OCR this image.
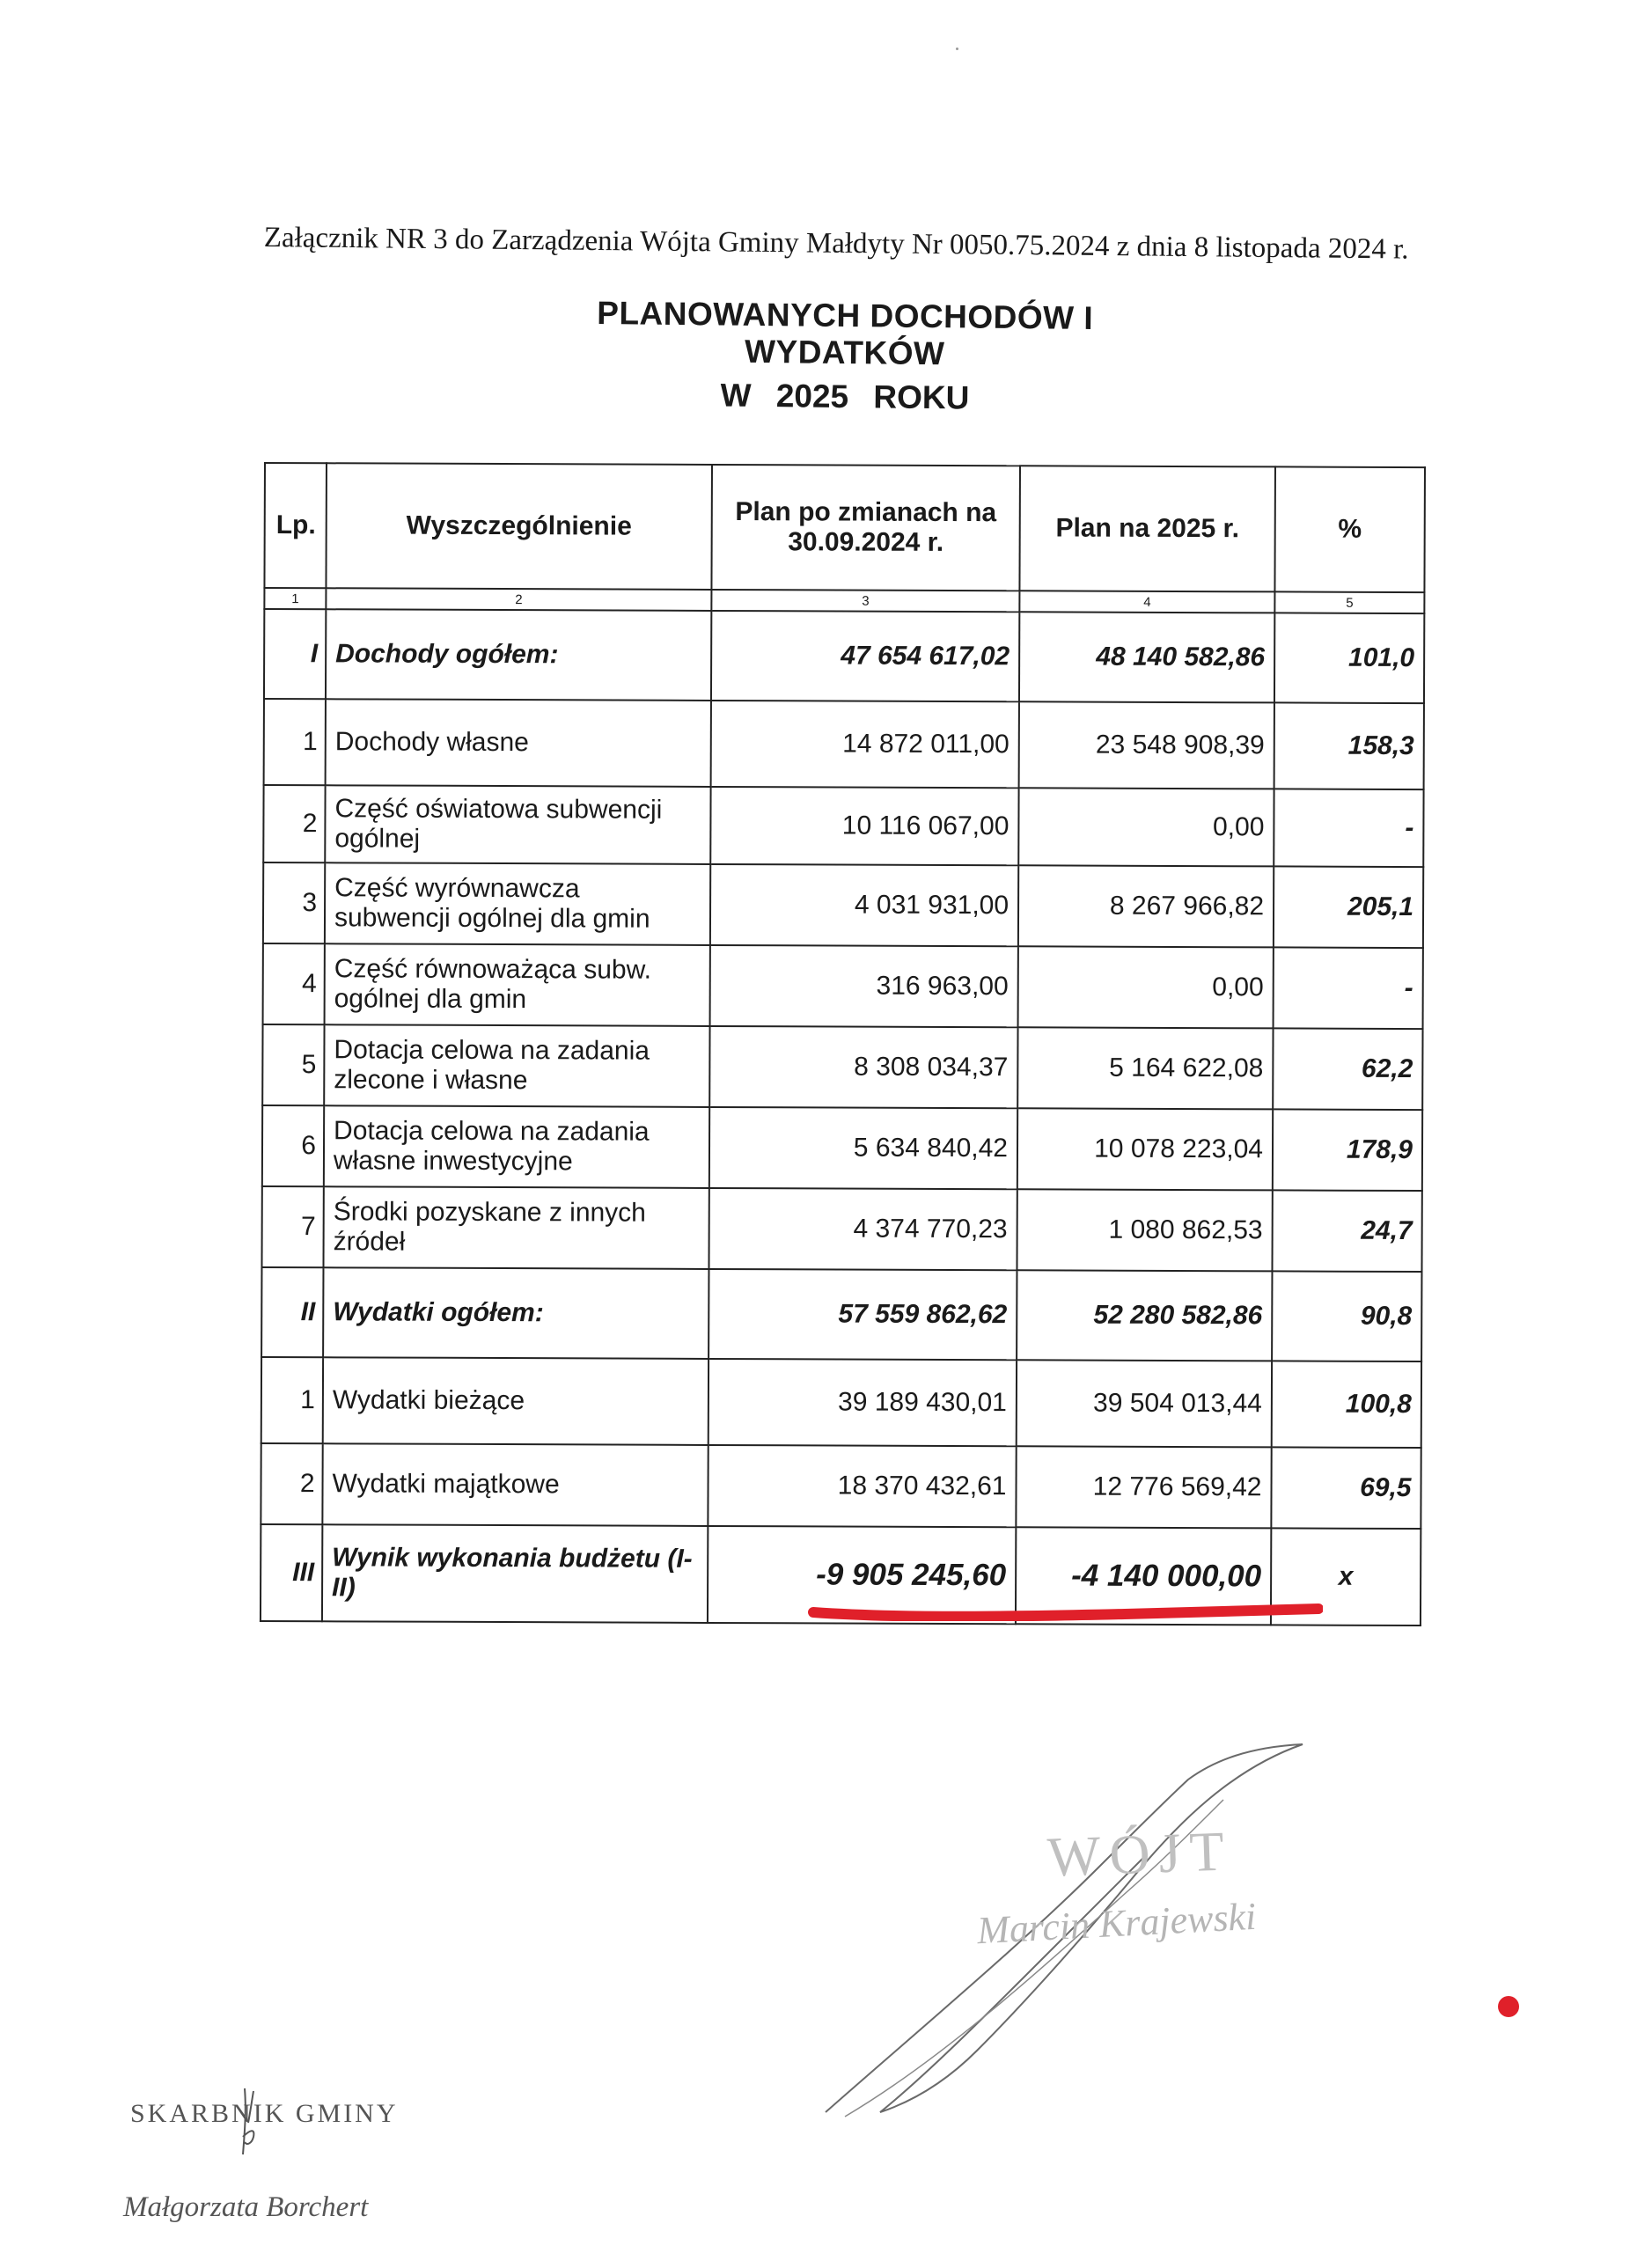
Załącznik NR 3 do Zarządzenia Wójta Gminy Małdyty Nr 0050.75.2024 z dnia 8 listopada 2024 r.
PLANOWANYCH DOCHODÓW I WYDATKÓW
W 2025 ROKU
Lp.	Wyszczególnienie	Plan po zmianach na 30.09.2024 r.	Plan na 2025 r.	%
1	2	3	4	5
I	Dochody ogółem:	47 654 617,02	48 140 582,86	101,0
1	Dochody własne	14 872 011,00	23 548 908,39	158,3
2	Część oświatowa subwencji ogólnej	10 116 067,00	0,00	-
3	Część wyrównawcza subwencji ogólnej dla gmin	4 031 931,00	8 267 966,82	205,1
4	Część równoważąca subw. ogólnej dla gmin	316 963,00	0,00	-
5	Dotacja celowa na zadania zlecone i własne	8 308 034,37	5 164 622,08	62,2
6	Dotacja celowa na zadania własne inwestycyjne	5 634 840,42	10 078 223,04	178,9
7	Środki pozyskane z innych źródeł	4 374 770,23	1 080 862,53	24,7
II	Wydatki ogółem:	57 559 862,62	52 280 582,86	90,8
1	Wydatki bieżące	39 189 430,01	39 504 013,44	100,8
2	Wydatki majątkowe	18 370 432,61	12 776 569,42	69,5
III	Wynik wykonania budżetu (I-II)	-9 905 245,60	-4 140 000,00	x
WÓJT
Marcin Krajewski
SKARBNIK GMINY
Małgorzata Borchert
